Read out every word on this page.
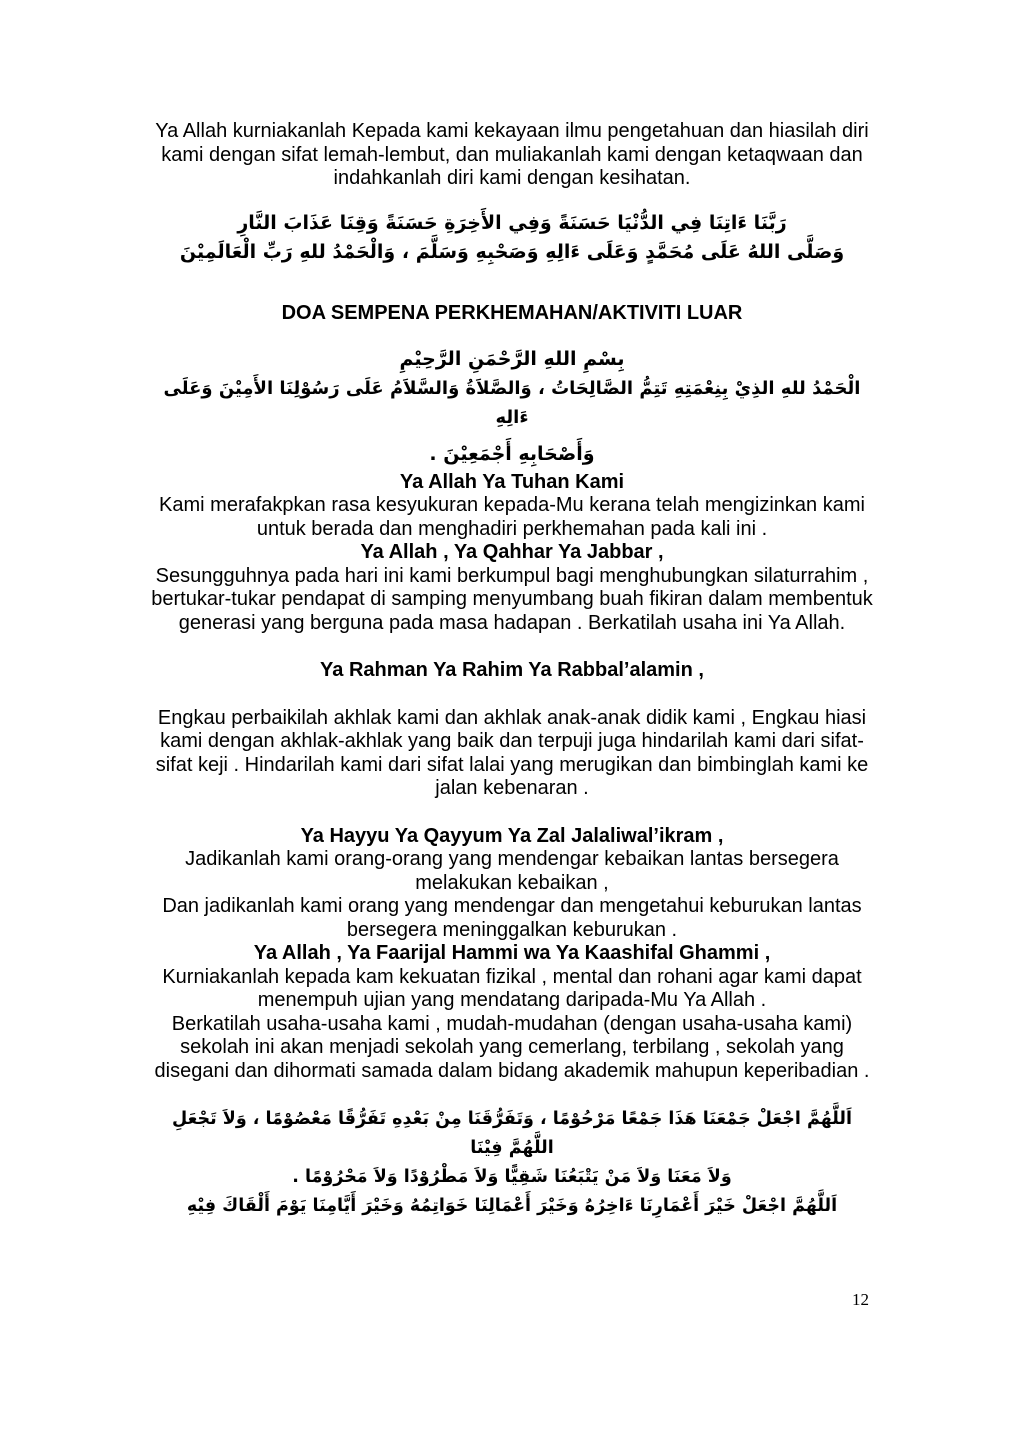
Ya Allah kurniakanlah Kepada kami kekayaan ilmu pengetahuan dan hiasilah diri kami dengan sifat lemah-lembut, dan muliakanlah kami dengan ketaqwaan dan indahkanlah diri kami dengan kesihatan.

رَبَّنَا ءَاتِنَا فِي الدُّنْيَا حَسَنَةً وَفِي الأَخِرَةِ حَسَنَةً وَقِنَا عَذَابَ النَّارِ

وَصَلَّى اللهُ عَلَى مُحَمَّدٍ وَعَلَى ءَالِهِ وَصَحْبِهِ وَسَلَّمَ ، وَالْحَمْدُ للهِ رَبِّ الْعَالَمِيْنَ

DOA SEMPENA PERKHEMAHAN/AKTIVITI LUAR

بِسْمِ اللهِ الرَّحْمَنِ الرَّحِيْمِ

الْحَمْدُ للهِ الذِيْ بِنِعْمَتِهِ تَتِمُّ الصَّالِحَاتُ ، وَالصَّلاَةُ وَالسَّلاَمُ عَلَى رَسُوْلِنَا الأَمِيْنَ وَعَلَى ءَالِهِ

وَأَصْحَابِهِ أَجْمَعِيْنَ .

Ya Allah Ya Tuhan Kami

Kami merafakpkan rasa kesyukuran kepada-Mu kerana telah mengizinkan kami untuk berada dan menghadiri perkhemahan pada kali ini .

Ya Allah , Ya Qahhar Ya Jabbar ,

Sesungguhnya pada hari ini kami berkumpul bagi menghubungkan silaturrahim , bertukar-tukar pendapat di samping menyumbang buah fikiran dalam membentuk generasi yang berguna pada masa hadapan . Berkatilah usaha ini Ya Allah.

Ya Rahman Ya Rahim Ya Rabbal’alamin ,

Engkau perbaikilah akhlak kami dan akhlak anak-anak didik kami , Engkau hiasi kami dengan akhlak-akhlak yang baik dan terpuji juga hindarilah kami dari sifat-sifat keji . Hindarilah kami dari sifat lalai yang merugikan dan bimbinglah kami ke jalan kebenaran .

Ya Hayyu Ya Qayyum Ya Zal Jalaliwal’ikram ,

Jadikanlah kami orang-orang yang mendengar kebaikan lantas bersegera melakukan kebaikan ,

Dan jadikanlah kami orang yang mendengar dan mengetahui keburukan lantas bersegera meninggalkan keburukan .

Ya Allah , Ya Faarijal Hammi wa Ya Kaashifal Ghammi ,

Kurniakanlah kepada kam kekuatan fizikal , mental dan rohani agar kami dapat menempuh ujian yang mendatang daripada-Mu Ya Allah .

Berkatilah usaha-usaha kami , mudah-mudahan (dengan usaha-usaha kami) sekolah ini akan menjadi sekolah yang cemerlang, terbilang , sekolah yang disegani dan dihormati samada dalam bidang akademik mahupun keperibadian .

اَللَّهُمَّ اجْعَلْ جَمْعَنَا هَذَا جَمْعًا مَرْحُوْمًا ، وَتَفَرُّقَنَا مِنْ بَعْدِهِ تَفَرُّقًا مَعْصُوْمًا ، وَلاَ تَجْعَلِ اللَّهُمَّ فِيْنَا

وَلاَ مَعَنَا وَلاَ مَنْ يَتْبَعُنَا شَقِيًّا وَلاَ مَطْرُوْدًا وَلاَ مَحْرُوْمًا .

اَللَّهُمَّ اجْعَلْ خَيْرَ أَعْمَارِنَا ءَاخِرُهُ وَخَيْرَ أَعْمَالِنَا خَوَاتِمُهُ وَخَيْرَ أَيَّامِنَا يَوْمَ أَلْقَاكَ فِيْهِ

12
